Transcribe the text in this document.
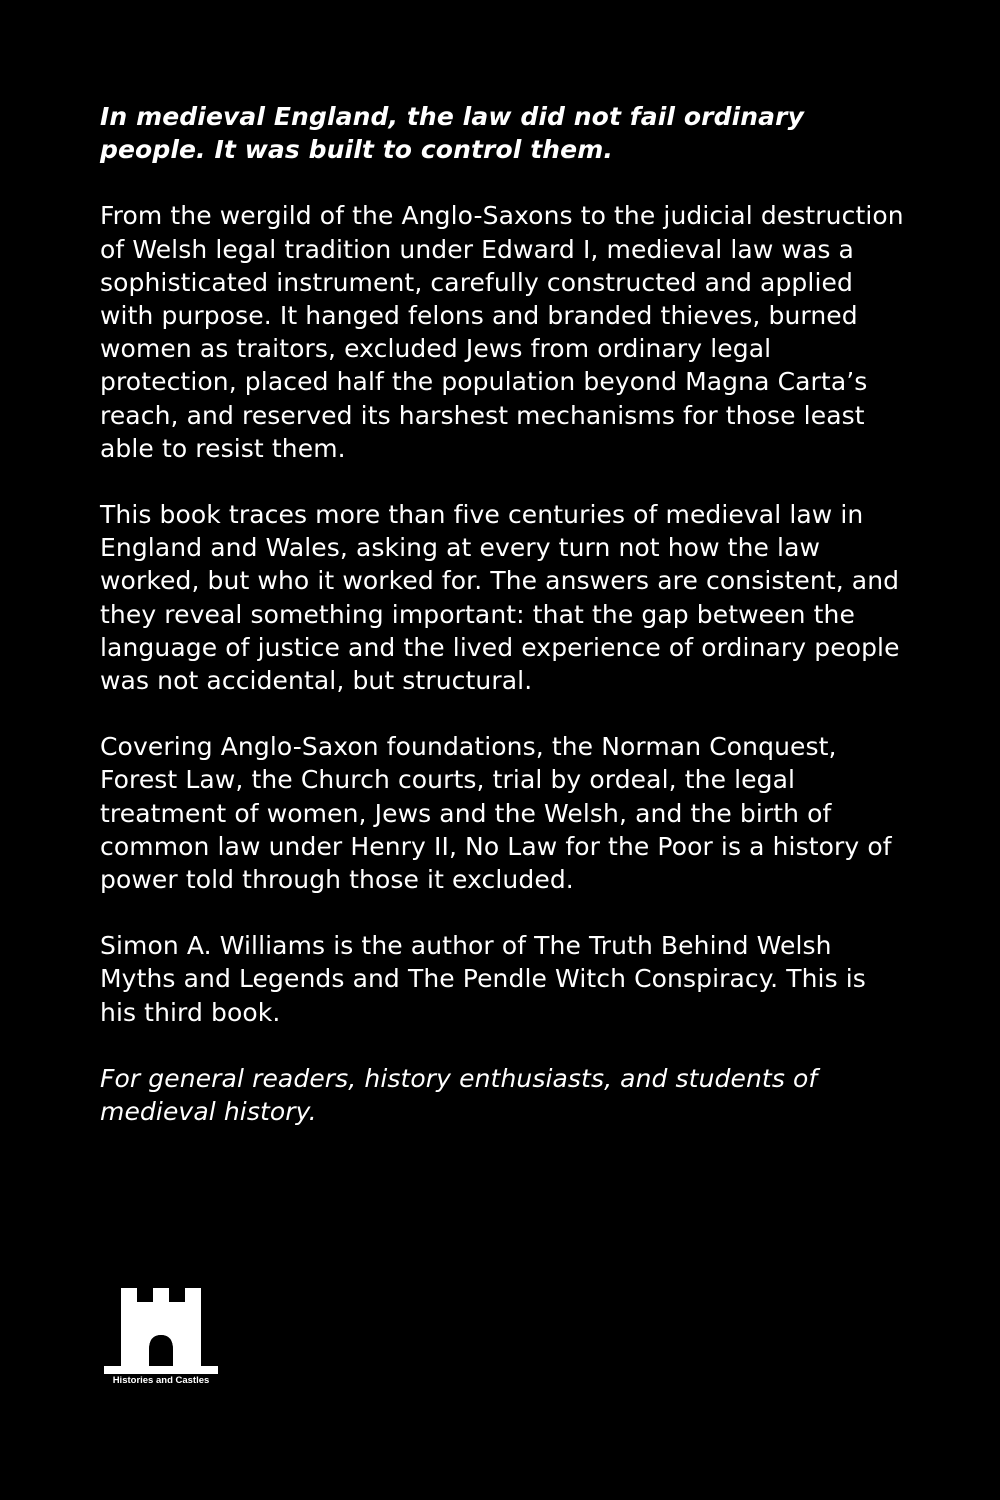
In medieval England, the law did not fail ordinary people. It was built to control them.

From the wergild of the Anglo-Saxons to the judicial destruction of Welsh legal tradition under Edward I, medieval law was a sophisticated instrument, carefully constructed and applied with purpose. It hanged felons and branded thieves, burned women as traitors, excluded Jews from ordinary legal protection, placed half the population beyond Magna Carta’s reach, and reserved its harshest mechanisms for those least able to resist them.

This book traces more than five centuries of medieval law in England and Wales, asking at every turn not how the law worked, but who it worked for. The answers are consistent, and they reveal something important: that the gap between the language of justice and the lived experience of ordinary people was not accidental, but structural.

Covering Anglo-Saxon foundations, the Norman Conquest, Forest Law, the Church courts, trial by ordeal, the legal treatment of women, Jews and the Welsh, and the birth of common law under Henry II, No Law for the Poor is a history of power told through those it excluded.

Simon A. Williams is the author of The Truth Behind Welsh Myths and Legends and The Pendle Witch Conspiracy. This is his third book.

For general readers, history enthusiasts, and students of medieval history.

Histories and Castles
